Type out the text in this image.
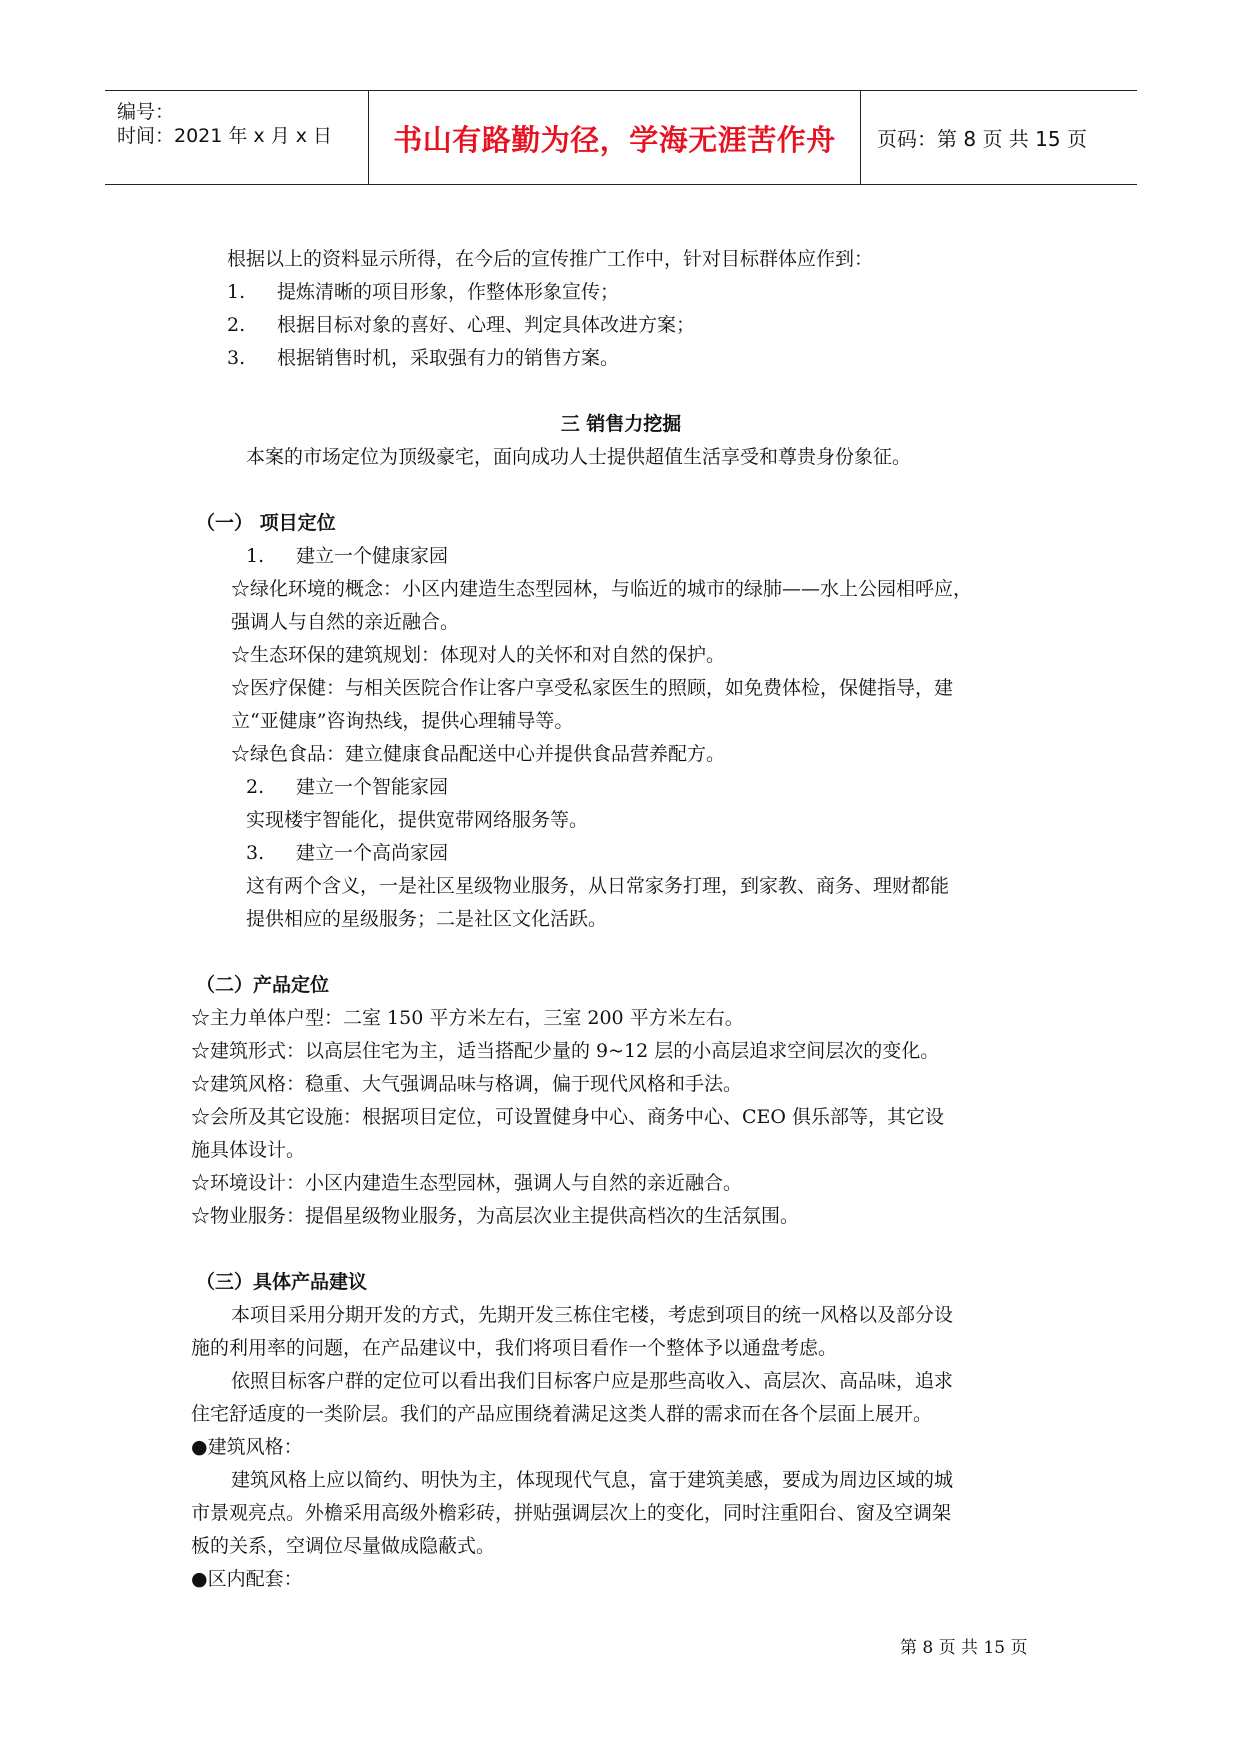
编号：
时间：2021 年 x 月 x 日	书山有路勤为径，学海无涯苦作舟	页码：第 8 页 共 15 页
根据以上的资料显示所得，在今后的宣传推广工作中，针对目标群体应作到：
1. 提炼清晰的项目形象，作整体形象宣传；
2. 根据目标对象的喜好、心理、判定具体改进方案；
3. 根据销售时机，采取强有力的销售方案。
三 销售力挖掘
本案的市场定位为顶级豪宅，面向成功人士提供超值生活享受和尊贵身份象征。
（一） 项目定位
1. 建立一个健康家园
☆绿化环境的概念：小区内建造生态型园林，与临近的城市的绿肺——水上公园相呼应，
强调人与自然的亲近融合。
☆生态环保的建筑规划：体现对人的关怀和对自然的保护。
☆医疗保健：与相关医院合作让客户享受私家医生的照顾，如免费体检，保健指导，建
立“亚健康”咨询热线，提供心理辅导等。
☆绿色食品：建立健康食品配送中心并提供食品营养配方。
2. 建立一个智能家园
实现楼宇智能化，提供宽带网络服务等。
3. 建立一个高尚家园
这有两个含义，一是社区星级物业服务，从日常家务打理，到家教、商务、理财都能
提供相应的星级服务；二是社区文化活跃。
（二）产品定位
☆主力单体户型：二室 150 平方米左右，三室 200 平方米左右。
☆建筑形式：以高层住宅为主，适当搭配少量的 9~12 层的小高层追求空间层次的变化。
☆建筑风格：稳重、大气强调品味与格调，偏于现代风格和手法。
☆会所及其它设施：根据项目定位，可设置健身中心、商务中心、CEO 俱乐部等，其它设
施具体设计。
☆环境设计：小区内建造生态型园林，强调人与自然的亲近融合。
☆物业服务：提倡星级物业服务，为高层次业主提供高档次的生活氛围。
（三）具体产品建议
本项目采用分期开发的方式，先期开发三栋住宅楼，考虑到项目的统一风格以及部分设
施的利用率的问题，在产品建议中，我们将项目看作一个整体予以通盘考虑。
依照目标客户群的定位可以看出我们目标客户应是那些高收入、高层次、高品味，追求
住宅舒适度的一类阶层。我们的产品应围绕着满足这类人群的需求而在各个层面上展开。
●建筑风格：
建筑风格上应以简约、明快为主，体现现代气息，富于建筑美感，要成为周边区域的城
市景观亮点。外檐采用高级外檐彩砖，拼贴强调层次上的变化，同时注重阳台、窗及空调架
板的关系，空调位尽量做成隐蔽式。
●区内配套：
第 8 页 共 15 页
